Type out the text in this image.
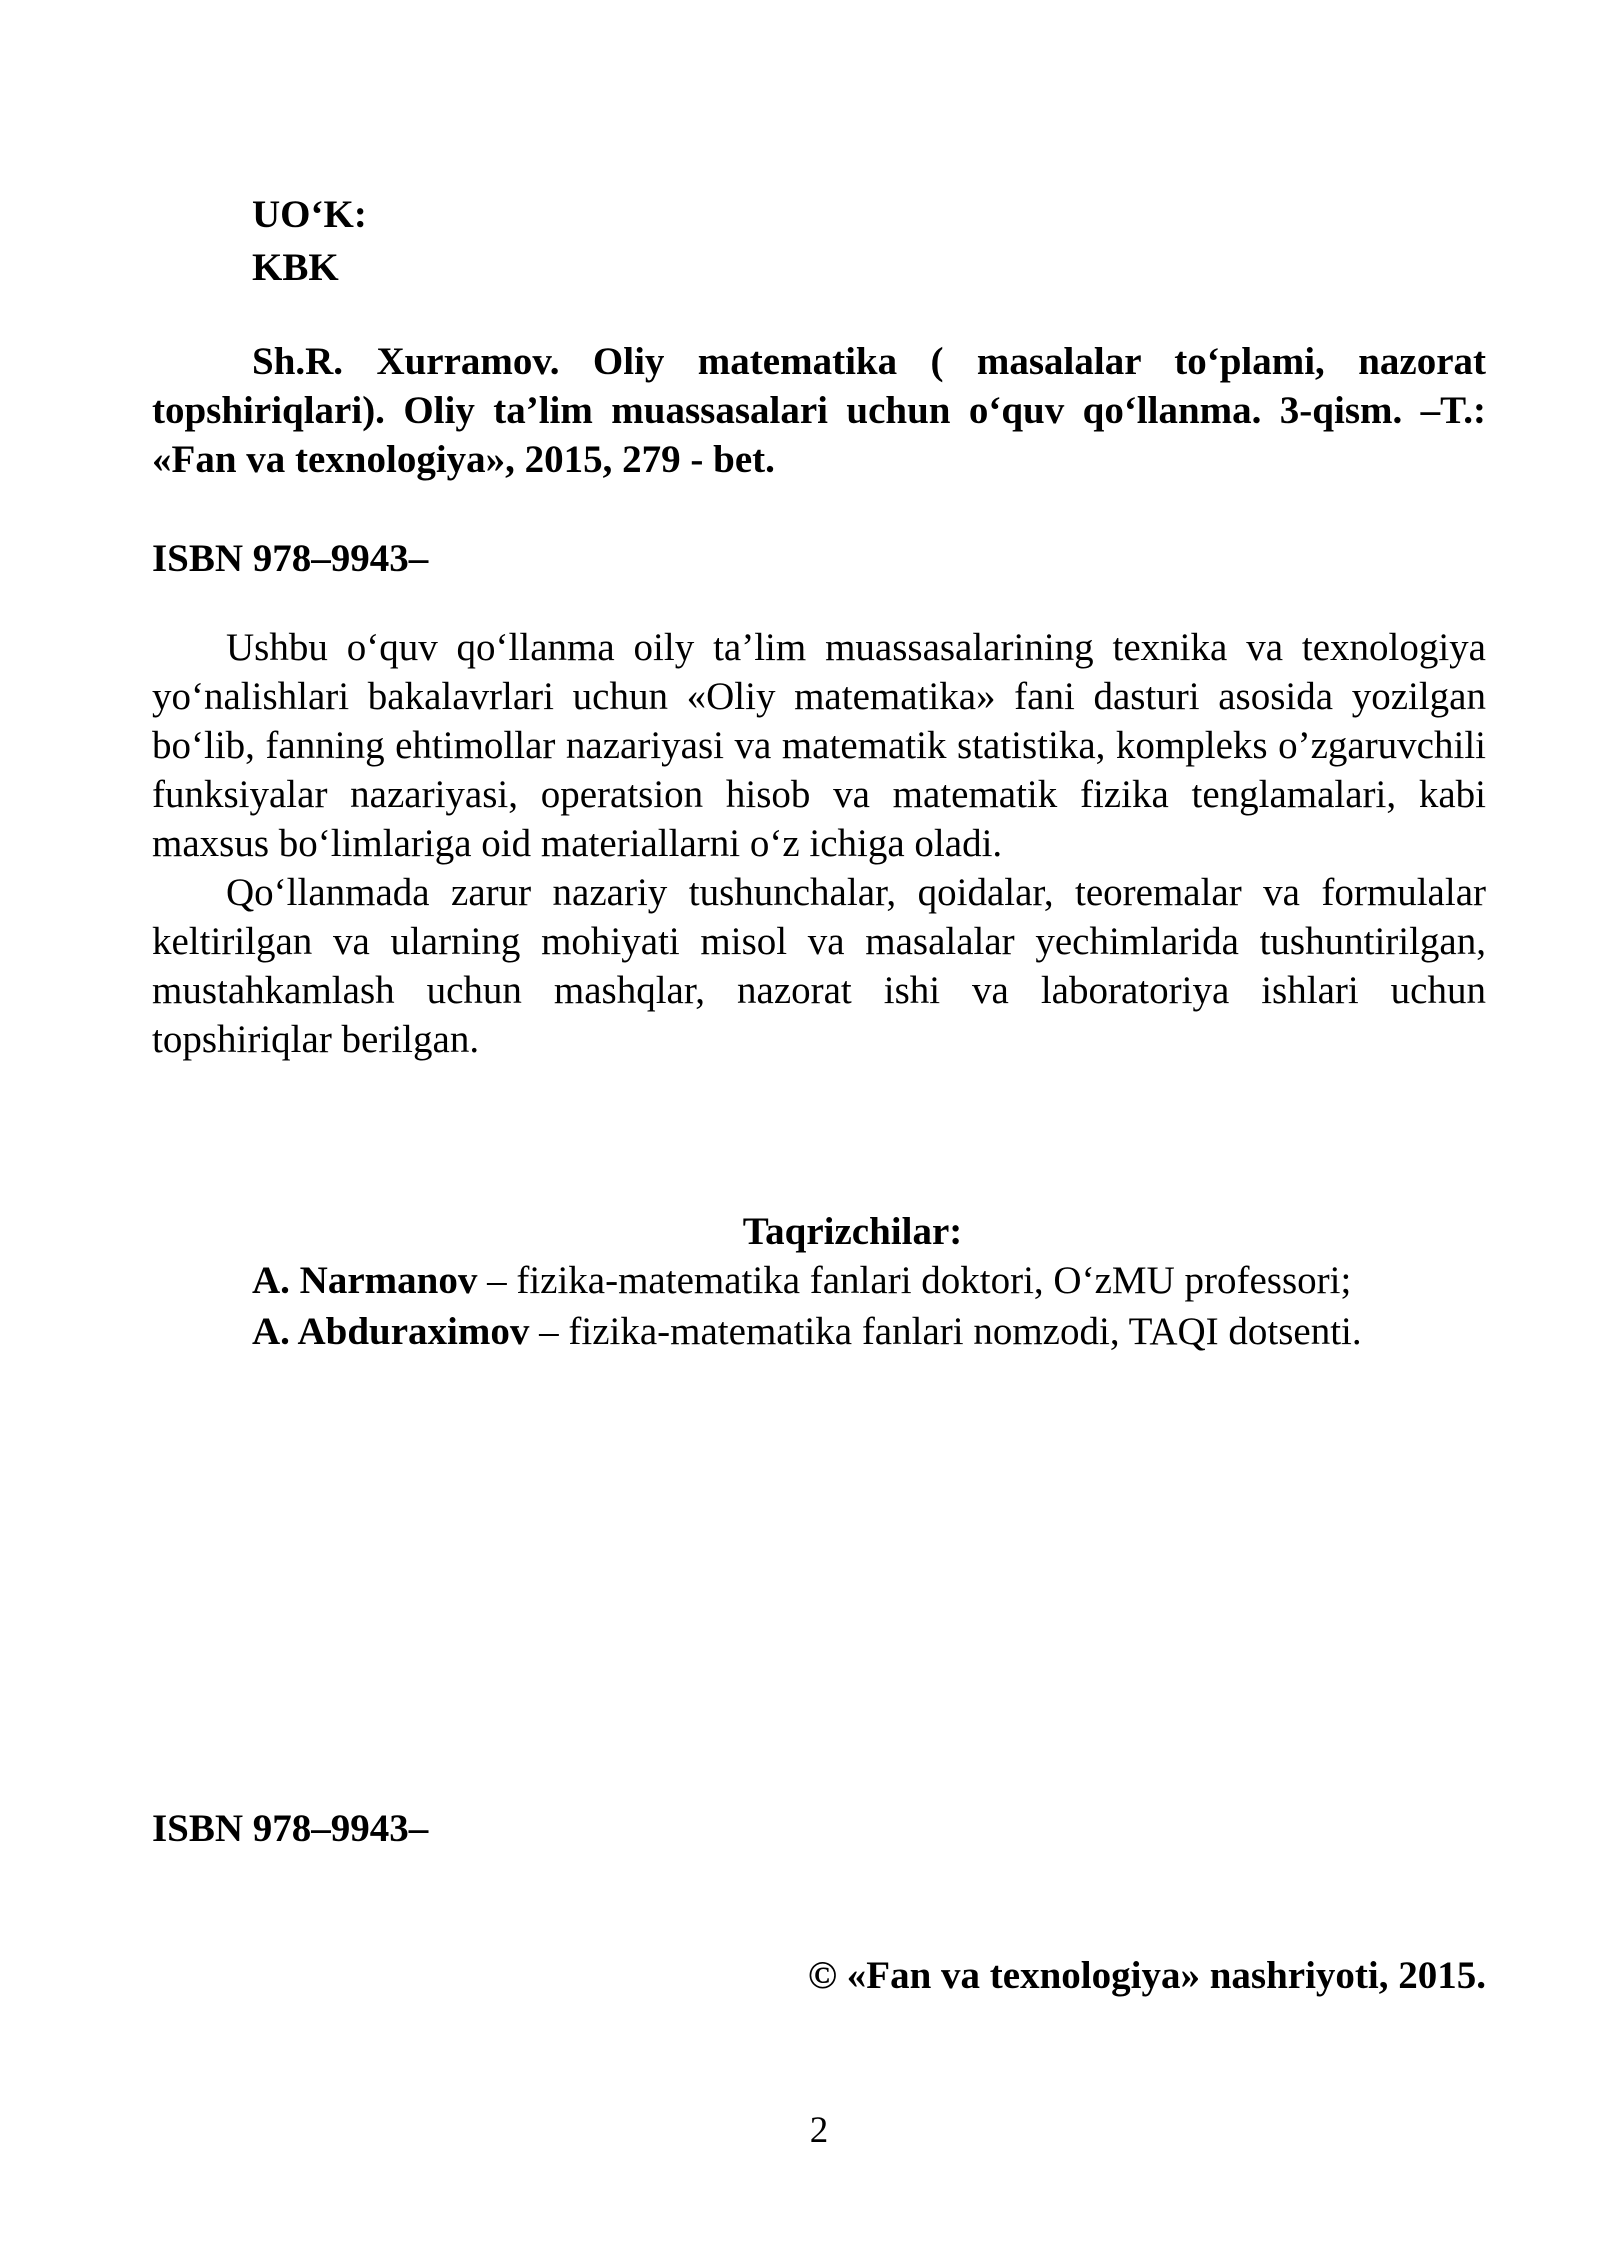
UO‘K:
KBK
Sh.R. Xurramov. Oliy matematika ( masalalar to‘plami, nazorat topshiriqlari). Oliy ta’lim muassasalari uchun o‘quv qo‘llanma. 3-qism. –T.: «Fan va texnologiya», 2015, 279 - bet.
ISBN 978–9943–

Ushbu o‘quv qo‘llanma oily ta’lim muassasalarining texnika va texnologiya yo‘nalishlari bakalavrlari uchun «Oliy matematika» fani dasturi asosida yozilgan bo‘lib, fanning ehtimollar nazariyasi va matematik statistika, kompleks o’zgaruvchili funksiyalar nazariyasi, operatsion hisob va matematik fizika tenglamalari, kabi maxsus bo‘limlariga oid materiallarni o‘z ichiga oladi.

Qo‘llanmada zarur nazariy tushunchalar, qoidalar, teoremalar va formulalar keltirilgan va ularning mohiyati misol va masalalar yechimlarida tushuntirilgan, mustahkamlash uchun mashqlar, nazorat ishi va laboratoriya ishlari uchun topshiriqlar berilgan.

Taqrizchilar:
A. Narmanov – fizika-matematika fanlari doktori, O‘zMU professori;
A. Abduraximov – fizika-matematika fanlari nomzodi, TAQI dotsenti.
ISBN 978–9943–
© «Fan va texnologiya» nashriyoti, 2015.
2
